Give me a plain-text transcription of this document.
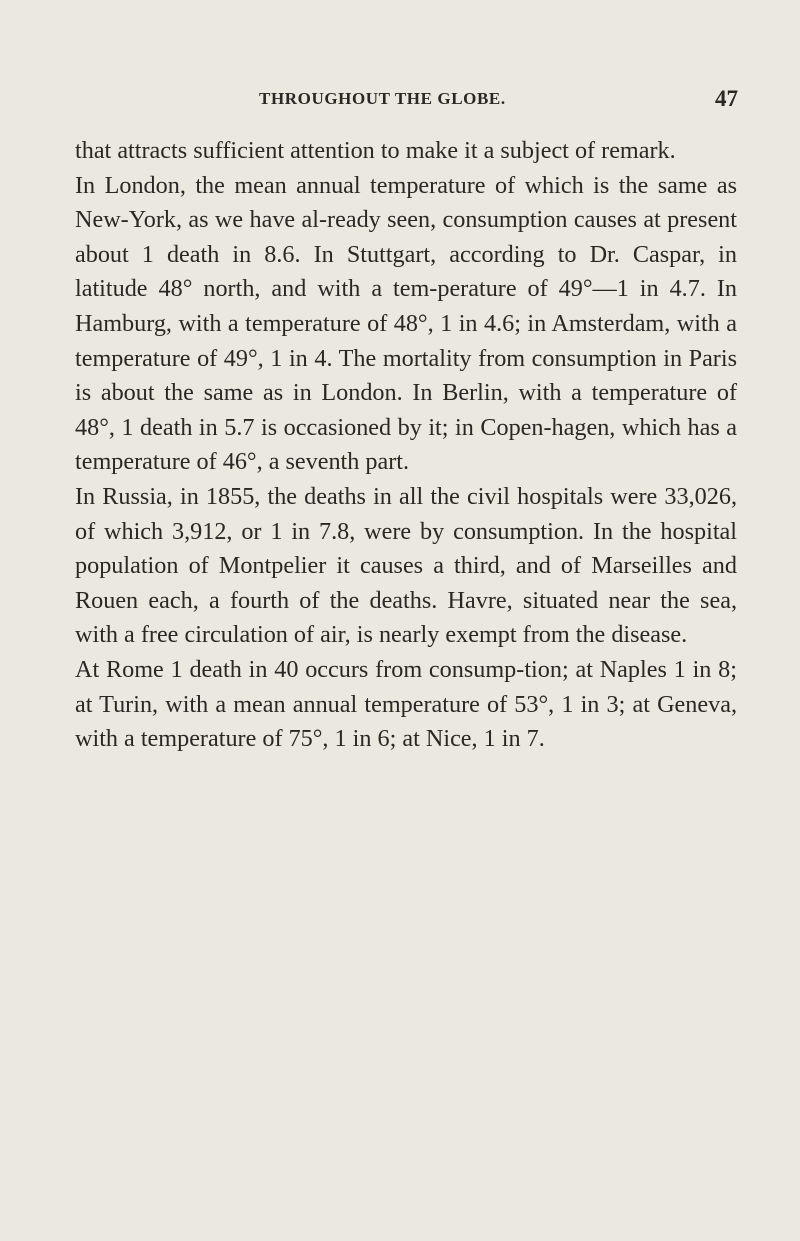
THROUGHOUT THE GLOBE.	47

that attracts sufficient attention to make it a subject of remark.

In London, the mean annual temperature of which is the same as New-York, as we have al-ready seen, consumption causes at present about 1 death in 8.6. In Stuttgart, according to Dr. Caspar, in latitude 48° north, and with a tem-perature of 49°—1 in 4.7. In Hamburg, with a temperature of 48°, 1 in 4.6; in Amsterdam, with a temperature of 49°, 1 in 4. The mortality from consumption in Paris is about the same as in London. In Berlin, with a temperature of 48°, 1 death in 5.7 is occasioned by it; in Copen-hagen, which has a temperature of 46°, a seventh part.

In Russia, in 1855, the deaths in all the civil hospitals were 33,026, of which 3,912, or 1 in 7.8, were by consumption. In the hospital population of Montpelier it causes a third, and of Marseilles and Rouen each, a fourth of the deaths. Havre, situated near the sea, with a free circulation of air, is nearly exempt from the disease.

At Rome 1 death in 40 occurs from consump-tion; at Naples 1 in 8; at Turin, with a mean annual temperature of 53°, 1 in 3; at Geneva, with a temperature of 75°, 1 in 6; at Nice, 1 in 7.
